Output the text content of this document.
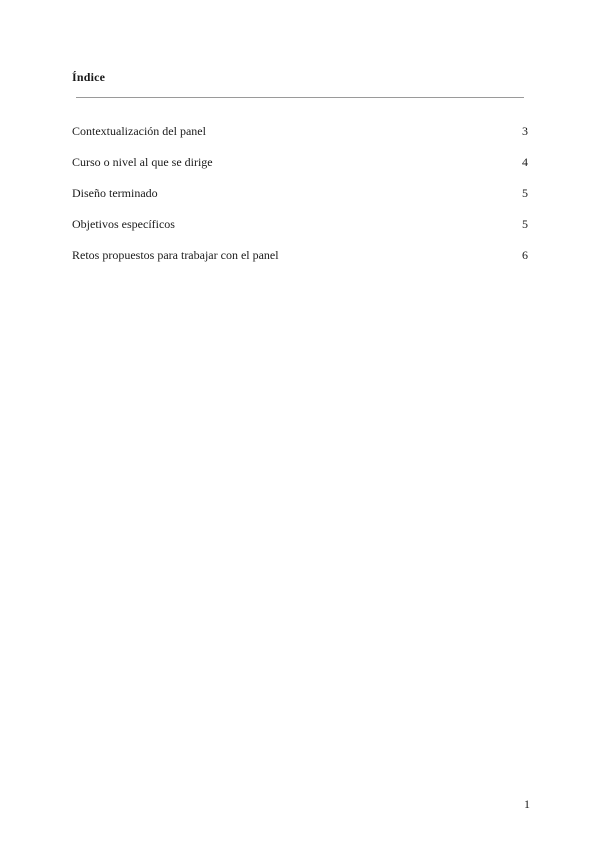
Índice
Contextualización del panel	3
Curso o nivel al que se dirige	4
Diseño terminado	5
Objetivos específicos	5
Retos propuestos para trabajar con el panel	6
1
